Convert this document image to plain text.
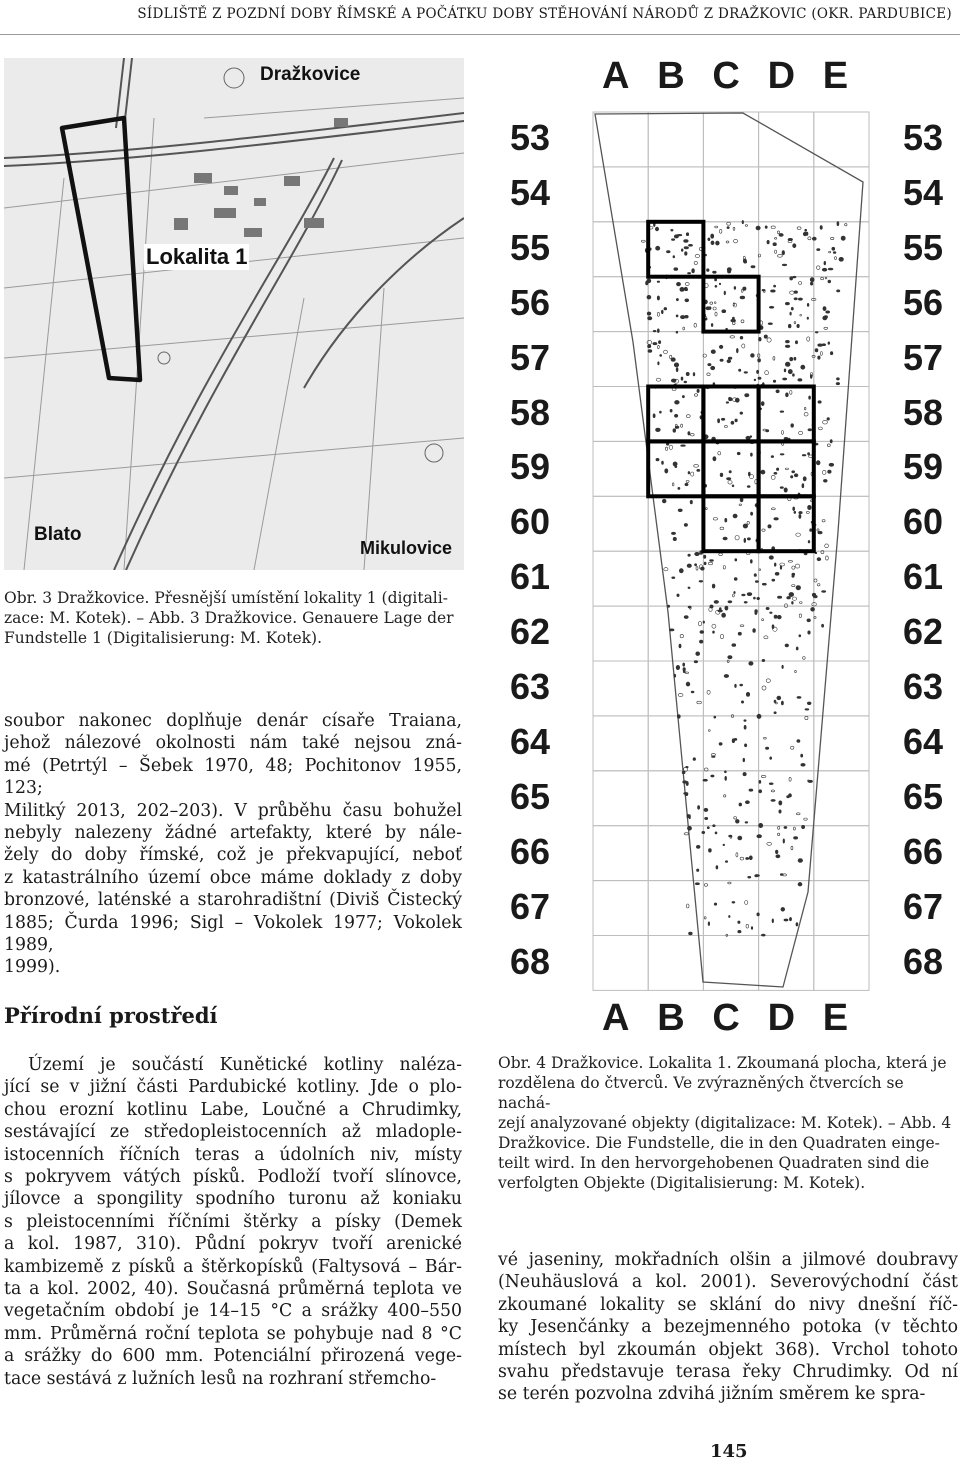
SÍDLIŠTĚ Z POZDNÍ DOBY ŘÍMSKÉ A POČÁTKU DOBY STĚHOVÁNÍ NÁRODŮ Z DRAŽKOVIC (OKR. PARDUBICE)
Dražkovice
Lokalita 1
Blato
Mikulovice
Obr. 3 Dražkovice. Přesnější umístění lokality 1 (digitali-
zace: M. Kotek). – Abb. 3 Dražkovice. Genauere Lage der
Fundstelle 1 (Digitalisierung: M. Kotek).
soubor nakonec doplňuje denár císaře Traiana,
jehož nálezové okolnosti nám také nejsou zná-
mé (Petrtýl – Šebek 1970, 48; Pochitonov 1955, 123;
Militký 2013, 202–203). V průběhu času bohužel
nebyly nalezeny žádné artefakty, které by nále-
žely do doby římské, což je překvapující, neboť
z katastrálního území obce máme doklady z doby
bronzové, laténské a starohradištní (Diviš Čistecký
1885; Čurda 1996; Sigl – Vokolek 1977; Vokolek 1989,
1999).
Přírodní prostředí
Území je součástí Kunětické kotliny nalézа-
jící se v jižní části Pardubické kotliny. Jde o plo-
chou erozní kotlinu Labe, Loučné a Chrudimky,
sestávající ze středopleistocenních až mladople-
istocenních říčních teras a údolních niv, místy
s pokryvem vátých písků. Podloží tvoří slínovce,
jílovce a spongility spodního turonu až koniaku
s pleistocenními říčními štěrky a písky (Demek
a kol. 1987, 310). Půdní pokryv tvoří arenické
kambizemě z písků a štěrkopísků (Faltysová – Bár-
ta a kol. 2002, 40). Současná průměrná teplota ve
vegetačním období je 14–15 °C a srážky 400–550
mm. Průměrná roční teplota se pohybuje nad 8 °C
a srážky do 600 mm. Potenciální přirozená vege-
tace sestává z lužních lesů na rozhraní střemcho-
A B C D E
A B C D E
53
54
55
56
57
58
59
60
61
62
63
64
65
66
67
68
53
54
55
56
57
58
59
60
61
62
63
64
65
66
67
68
Obr. 4 Dražkovice. Lokalita 1. Zkoumaná plocha, která je
rozdělena do čtverců. Ve zvýrazněných čtvercích se nachá-
zejí analyzované objekty (digitalizace: M. Kotek). – Abb. 4
Dražkovice. Die Fundstelle, die in den Quadraten einge-
teilt wird. In den hervorgehobenen Quadraten sind die
verfolgten Objekte (Digitalisierung: M. Kotek).
vé jaseniny, mokřadních olšin a jilmové doubravy
(Neuhäuslová a kol. 2001). Severovýchodní část
zkoumané lokality se sklání do nivy dnešní říč-
ky Jesenčánky a bezejmenného potoka (v těchto
místech byl zkoumán objekt 368). Vrchol tohoto
svahu představuje terasa řeky Chrudimky. Od ní
se terén pozvolna zdvihá jižním směrem ke spra-
145
